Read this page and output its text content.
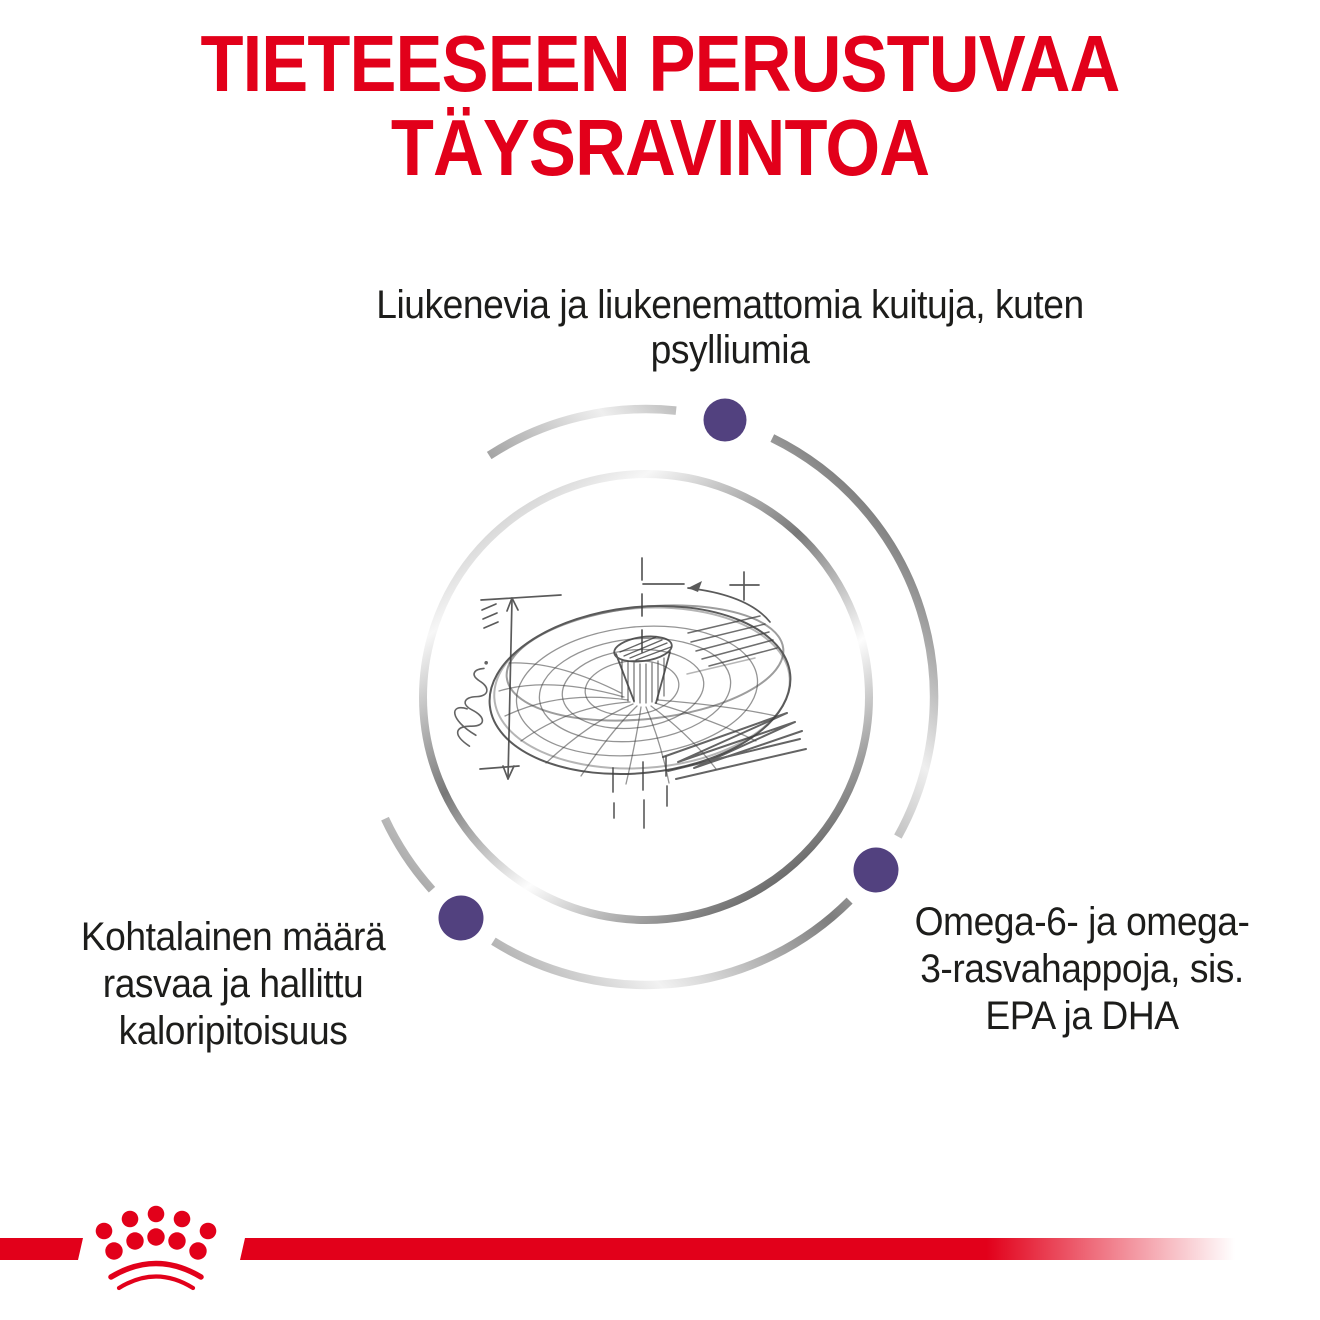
TIETEESEEN PERUSTUVAA
TÄYSRAVINTOA
Liukenevia ja liukenemattomia kuituja, kuten
psylliumia
Kohtalainen määrä
rasvaa ja hallittu
kaloripitoisuus
Omega-6- ja omega-
3-rasvahappoja, sis.
EPA ja DHA
